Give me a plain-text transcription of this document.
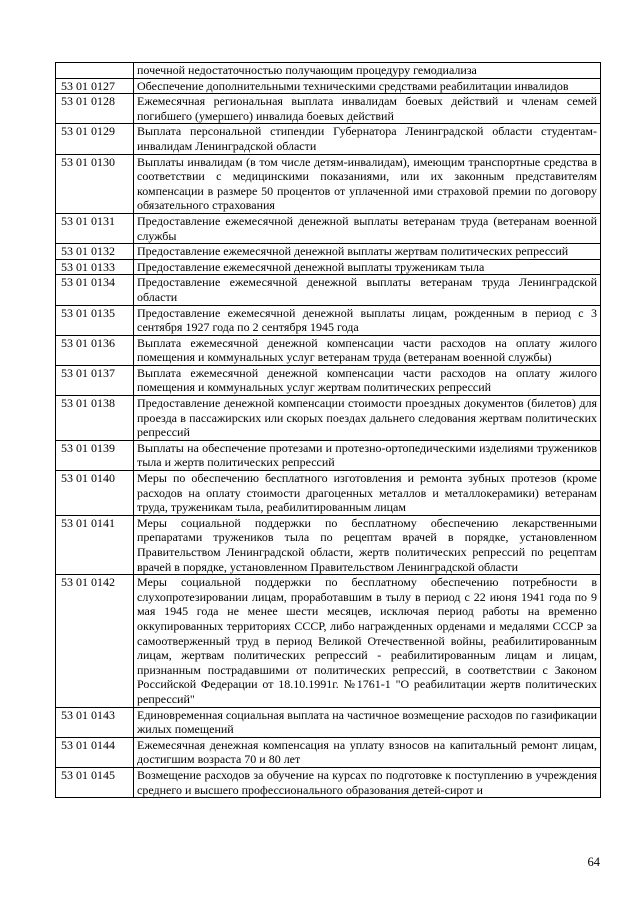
	почечной недостаточностью получающим процедуру гемодиализа
53 01 0127	Обеспечение дополнительными техническими средствами реабилитации инвалидов
53 01 0128	Ежемесячная региональная выплата инвалидам боевых действий и членам семей погибшего (умершего) инвалида боевых действий
53 01 0129	Выплата персональной стипендии Губернатора Ленинградской области студентам-инвалидам Ленинградской области
53 01 0130	Выплаты инвалидам (в том числе детям-инвалидам), имеющим транспортные средства в соответствии с медицинскими показаниями, или их законным представителям компенсации в размере 50 процентов от уплаченной ими страховой премии по договору обязательного страхования
53 01 0131	Предоставление ежемесячной денежной выплаты ветеранам труда (ветеранам военной службы
53 01 0132	Предоставление ежемесячной денежной выплаты жертвам политических репрессий
53 01 0133	Предоставление ежемесячной денежной выплаты труженикам тыла
53 01 0134	Предоставление ежемесячной денежной выплаты ветеранам труда Ленинградской области
53 01 0135	Предоставление ежемесячной денежной выплаты лицам, рожденным в период с 3 сентября 1927 года по 2 сентября 1945 года
53 01 0136	Выплата ежемесячной денежной компенсации части расходов на оплату жилого помещения и коммунальных услуг ветеранам труда (ветеранам военной службы)
53 01 0137	Выплата ежемесячной денежной компенсации части расходов на оплату жилого помещения и коммунальных услуг жертвам политических репрессий
53 01 0138	Предоставление денежной компенсации стоимости проездных документов (билетов) для проезда в пассажирских или скорых поездах дальнего следования жертвам политических репрессий
53 01 0139	Выплаты на обеспечение протезами и протезно-ортопедическими изделиями тружеников тыла и жертв политических репрессий
53 01 0140	Меры по обеспечению бесплатного изготовления и ремонта зубных протезов (кроме расходов на оплату стоимости драгоценных металлов и металлокерамики) ветеранам труда, труженикам тыла, реабилитированным лицам
53 01 0141	Меры социальной поддержки по бесплатному обеспечению лекарственными препаратами тружеников тыла по рецептам врачей в порядке, установленном Правительством Ленинградской области, жертв политических репрессий по рецептам врачей в порядке, установленном Правительством Ленинградской области
53 01 0142	Меры социальной поддержки по бесплатному обеспечению потребности в слухопротезировании лицам, проработавшим в тылу в период с 22 июня 1941 года по 9 мая 1945 года не менее шести месяцев, исключая период работы на временно оккупированных территориях СССР, либо награжденных орденами и медалями СССР за самоотверженный труд в период Великой Отечественной войны, реабилитированным лицам, жертвам политических репрессий - реабилитированным лицам и лицам, признанным пострадавшими от политических репрессий, в соответствии с Законом Российской Федерации от 18.10.1991г. №1761-1 "О реабилитации жертв политических репрессий"
53 01 0143	Единовременная социальная выплата на частичное возмещение расходов по газификации жилых помещений
53 01 0144	Ежемесячная денежная компенсация на уплату взносов на капитальный ремонт лицам, достигшим возраста 70 и 80 лет
53 01 0145	Возмещение расходов за обучение на курсах по подготовке к поступлению в учреждения среднего и высшего профессионального образования детей-сирот и
64
